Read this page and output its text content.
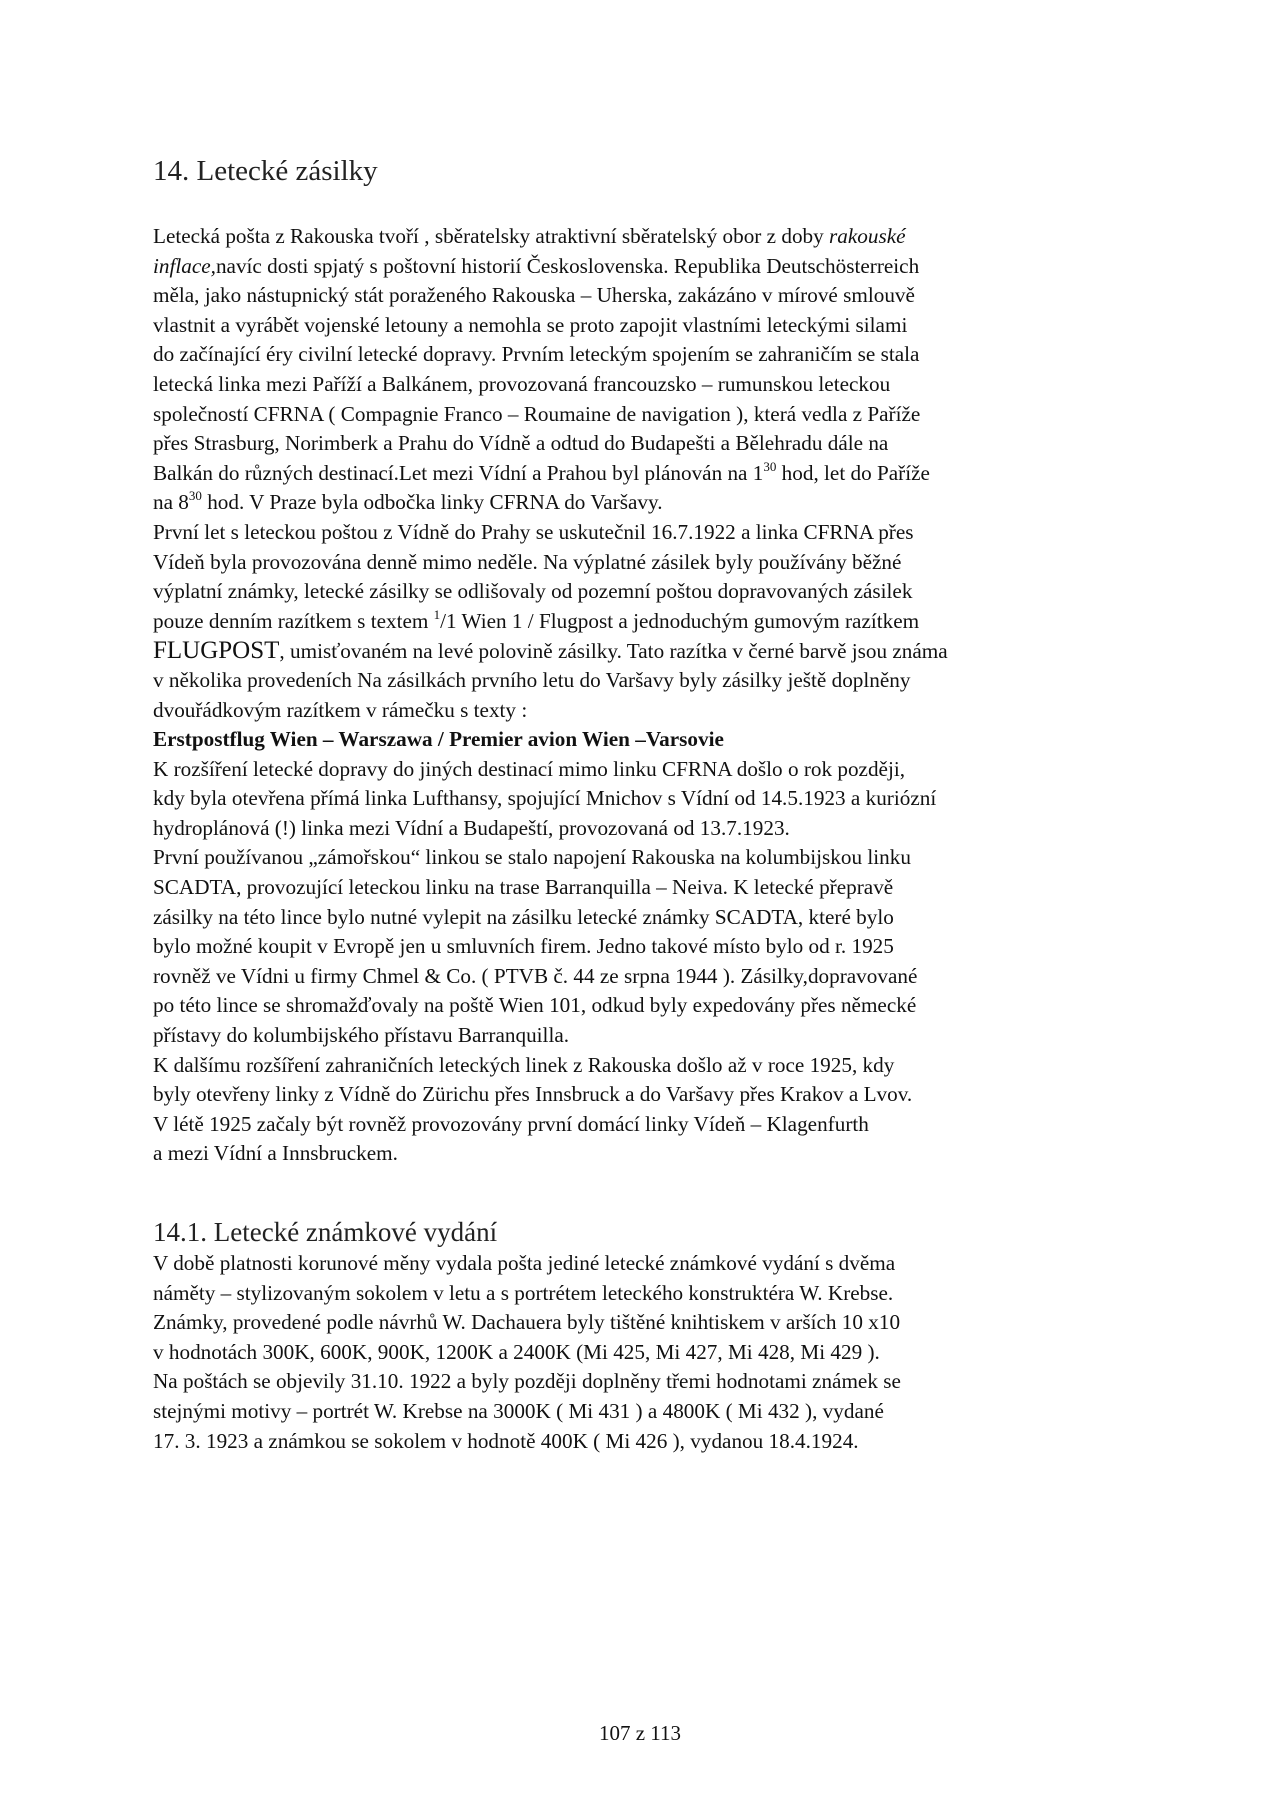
14. Letecké zásilky
Letecká pošta z Rakouska tvoří , sběratelsky atraktivní sběratelský obor z doby rakouské
inflace,navíc dosti spjatý s poštovní historií Československa. Republika Deutschösterreich
měla, jako nástupnický stát poraženého Rakouska – Uherska, zakázáno v mírové smlouvě
vlastnit a vyrábět vojenské letouny a nemohla se proto zapojit vlastními leteckými silami
do začínající éry civilní letecké dopravy. Prvním leteckým spojením se zahraničím se stala
letecká linka mezi Paříží a Balkánem, provozovaná francouzsko – rumunskou leteckou
společností CFRNA ( Compagnie Franco – Roumaine de navigation ), která vedla z Paříže
přes Strasburg, Norimberk a Prahu do Vídně a odtud do Budapešti a Bělehradu dále na
Balkán do různých destinací.Let mezi Vídní a Prahou byl plánován na $1^{30}$ hod, let do Paříže
na $8^{30}$ hod. V Praze byla odbočka linky CFRNA do Varšavy.
První let s leteckou poštou z Vídně do Prahy se uskutečnil 16.7.1922 a linka CFRNA přes
Vídeň byla provozována denně mimo neděle. Na výplatné zásilek byly používány běžné
výplatní známky, letecké zásilky se odlišovaly od pozemní poštou dopravovaných zásilek
pouze denním razítkem s textem $^1$/1 Wien 1 / Flugpost a jednoduchým gumovým razítkem
FLUGPOST, umisťovaném na levé polovině zásilky. Tato razítka v černé barvě jsou známa
v několika provedeních Na zásilkách prvního letu do Varšavy byly zásilky ještě doplněny
dvouřádkovým razítkem v rámečku s texty :
Erstpostflug Wien – Warszawa / Premier avion Wien –Varsovie
K rozšíření letecké dopravy do jiných destinací mimo linku CFRNA došlo o rok později,
kdy byla otevřena přímá linka Lufthansy, spojující Mnichov s Vídní od 14.5.1923 a kuriózní
hydroplánová (!) linka mezi Vídní a Budapeští, provozovaná od 13.7.1923.
První používanou „zámořskou“ linkou se stalo napojení Rakouska na kolumbijskou linku
SCADTA, provozující leteckou linku na trase Barranquilla – Neiva. K letecké přepravě
zásilky na této lince bylo nutné vylepit na zásilku letecké známky SCADTA, které bylo
bylo možné koupit v Evropě jen u smluvních firem. Jedno takové místo bylo od r. 1925
rovněž ve Vídni u firmy Chmel & Co. ( PTVB č. 44 ze srpna 1944 ). Zásilky,dopravované
po této lince se shromažďovaly na poště Wien 101, odkud byly expedovány přes německé
přístavy do kolumbijského přístavu Barranquilla.
K dalšímu rozšíření zahraničních leteckých linek z Rakouska došlo až v roce 1925, kdy
byly otevřeny linky z Vídně do Zürichu přes Innsbruck a do Varšavy přes Krakov a Lvov.
V létě 1925 začaly být rovněž provozovány první domácí linky Vídeň – Klagenfurth
a mezi Vídní a Innsbruckem.
14.1. Letecké známkové vydání
V době platnosti korunové měny vydala pošta jediné letecké známkové vydání s dvěma
náměty – stylizovaným sokolem v letu a s portrétem leteckého konstruktéra W. Krebse.
Známky, provedené podle návrhů W. Dachauera byly tištěné knihtiskem v arších 10 x10
v hodnotách 300K, 600K, 900K, 1200K a 2400K (Mi 425, Mi 427, Mi 428, Mi 429 ).
Na poštách se objevily 31.10. 1922 a byly později doplněny třemi hodnotami známek se
stejnými motivy – portrét W. Krebse na 3000K ( Mi 431 ) a 4800K ( Mi 432 ), vydané
17. 3. 1923 a známkou se sokolem v hodnotě 400K ( Mi 426 ), vydanou 18.4.1924.
107 z 113
